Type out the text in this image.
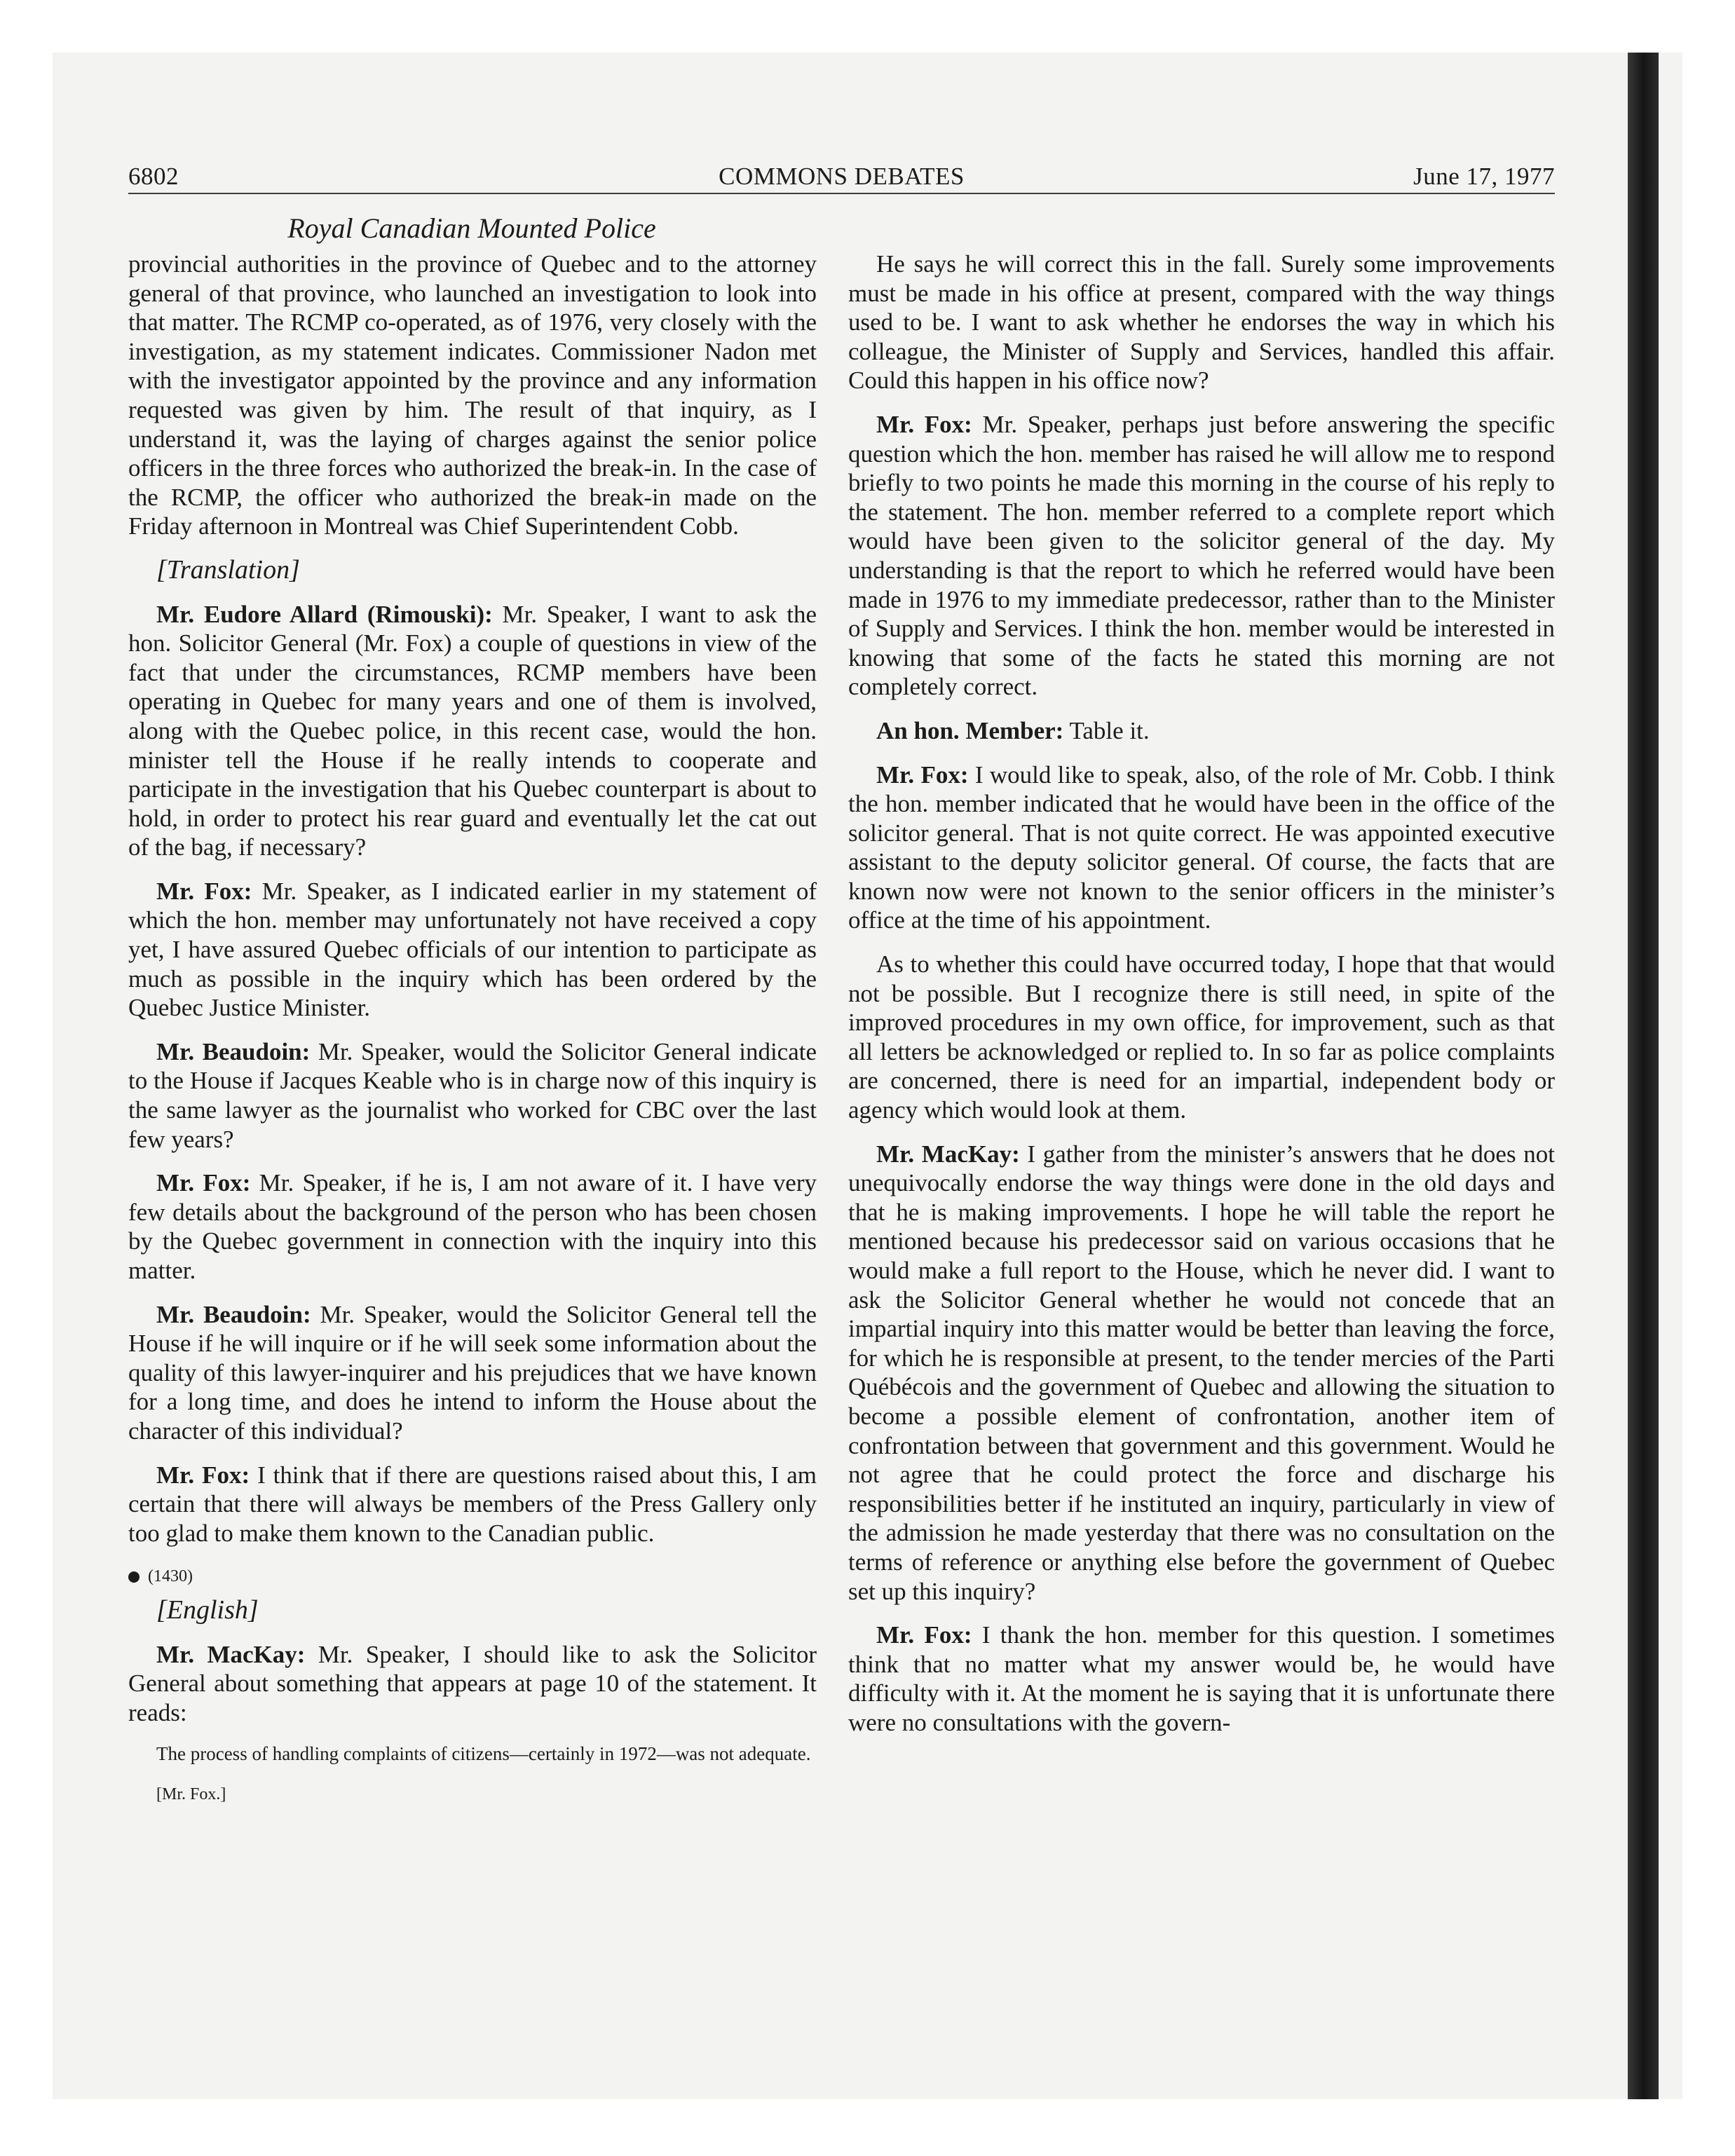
6802	COMMONS DEBATES	June 17, 1977
Royal Canadian Mounted Police

provincial authorities in the province of Quebec and to the attorney general of that province, who launched an investigation to look into that matter. The RCMP co-operated, as of 1976, very closely with the investigation, as my statement indicates. Commissioner Nadon met with the investigator appointed by the province and any information requested was given by him. The result of that inquiry, as I understand it, was the laying of charges against the senior police officers in the three forces who authorized the break-in. In the case of the RCMP, the officer who authorized the break-in made on the Friday afternoon in Montreal was Chief Superintendent Cobb.

[Translation]

Mr. Eudore Allard (Rimouski): Mr. Speaker, I want to ask the hon. Solicitor General (Mr. Fox) a couple of questions in view of the fact that under the circumstances, RCMP members have been operating in Quebec for many years and one of them is involved, along with the Quebec police, in this recent case, would the hon. minister tell the House if he really intends to cooperate and participate in the investigation that his Quebec counterpart is about to hold, in order to protect his rear guard and eventually let the cat out of the bag, if necessary?

Mr. Fox: Mr. Speaker, as I indicated earlier in my statement of which the hon. member may unfortunately not have received a copy yet, I have assured Quebec officials of our intention to participate as much as possible in the inquiry which has been ordered by the Quebec Justice Minister.

Mr. Beaudoin: Mr. Speaker, would the Solicitor General indicate to the House if Jacques Keable who is in charge now of this inquiry is the same lawyer as the journalist who worked for CBC over the last few years?

Mr. Fox: Mr. Speaker, if he is, I am not aware of it. I have very few details about the background of the person who has been chosen by the Quebec government in connection with the inquiry into this matter.

Mr. Beaudoin: Mr. Speaker, would the Solicitor General tell the House if he will inquire or if he will seek some information about the quality of this lawyer-inquirer and his prejudices that we have known for a long time, and does he intend to inform the House about the character of this individual?

Mr. Fox: I think that if there are questions raised about this, I am certain that there will always be members of the Press Gallery only too glad to make them known to the Canadian public.

(1430)

[English]

Mr. MacKay: Mr. Speaker, I should like to ask the Solicitor General about something that appears at page 10 of the statement. It reads:

The process of handling complaints of citizens—certainly in 1972—was not adequate.

[Mr. Fox.]

He says he will correct this in the fall. Surely some improvements must be made in his office at present, compared with the way things used to be. I want to ask whether he endorses the way in which his colleague, the Minister of Supply and Services, handled this affair. Could this happen in his office now?

Mr. Fox: Mr. Speaker, perhaps just before answering the specific question which the hon. member has raised he will allow me to respond briefly to two points he made this morning in the course of his reply to the statement. The hon. member referred to a complete report which would have been given to the solicitor general of the day. My understanding is that the report to which he referred would have been made in 1976 to my immediate predecessor, rather than to the Minister of Supply and Services. I think the hon. member would be interested in knowing that some of the facts he stated this morning are not completely correct.

An hon. Member: Table it.

Mr. Fox: I would like to speak, also, of the role of Mr. Cobb. I think the hon. member indicated that he would have been in the office of the solicitor general. That is not quite correct. He was appointed executive assistant to the deputy solicitor general. Of course, the facts that are known now were not known to the senior officers in the minister’s office at the time of his appointment.

As to whether this could have occurred today, I hope that that would not be possible. But I recognize there is still need, in spite of the improved procedures in my own office, for improvement, such as that all letters be acknowledged or replied to. In so far as police complaints are concerned, there is need for an impartial, independent body or agency which would look at them.

Mr. MacKay: I gather from the minister’s answers that he does not unequivocally endorse the way things were done in the old days and that he is making improvements. I hope he will table the report he mentioned because his predecessor said on various occasions that he would make a full report to the House, which he never did. I want to ask the Solicitor General whether he would not concede that an impartial inquiry into this matter would be better than leaving the force, for which he is responsible at present, to the tender mercies of the Parti Québécois and the government of Quebec and allowing the situation to become a possible element of confrontation, another item of confrontation between that government and this government. Would he not agree that he could protect the force and discharge his responsibilities better if he instituted an inquiry, particularly in view of the admission he made yesterday that there was no consultation on the terms of reference or anything else before the government of Quebec set up this inquiry?

Mr. Fox: I thank the hon. member for this question. I sometimes think that no matter what my answer would be, he would have difficulty with it. At the moment he is saying that it is unfortunate there were no consultations with the govern-
